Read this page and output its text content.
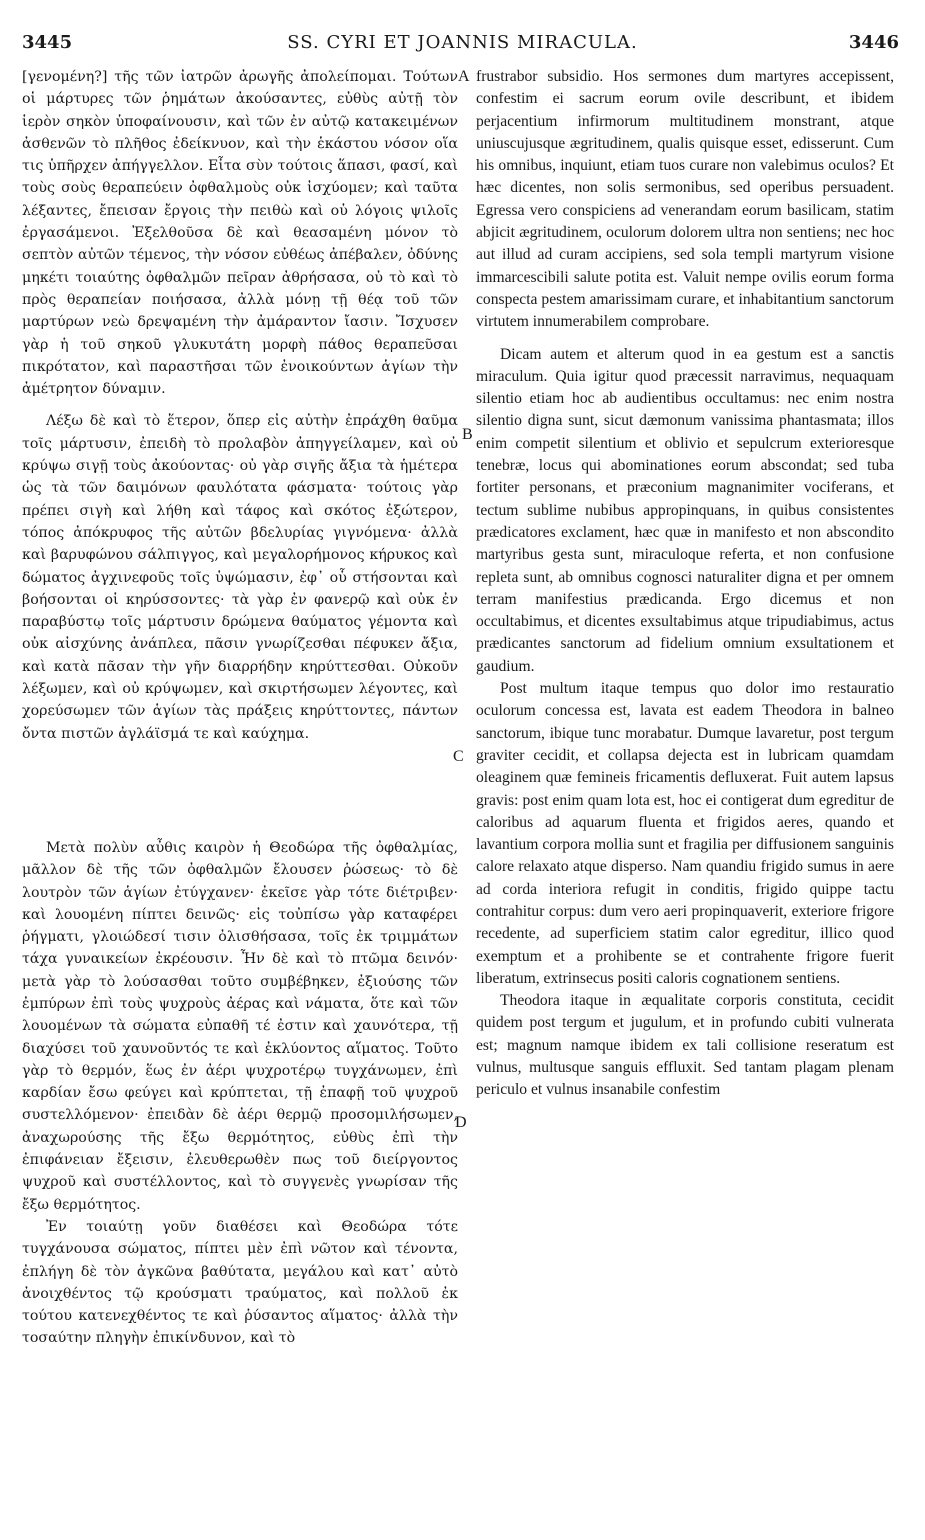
3445	SS. CYRI ET JOANNIS MIRACULA.	3446
A
B
C
D

[γενομένη?] τῆς τῶν ἰατρῶν ἀρωγῆς ἀπολείπομαι. Τούτων οἱ μάρτυρες τῶν ῥημάτων ἀκούσαντες, εὐθὺς αὐτῇ τὸν ἱερὸν σηκὸν ὑποφαίνουσιν, καὶ τῶν ἐν αὐτῷ κατακειμένων ἀσθενῶν τὸ πλῆθος ἐδείκνυον, καὶ τὴν ἑκάστου νόσον οἵα τις ὑπῆρχεν ἀπήγγελλον. Εἶτα σὺν τούτοις ἅπασι, φασί, καὶ τοὺς σοὺς θεραπεύειν ὀφθαλμοὺς οὐκ ἰσχύομεν; καὶ ταῦτα λέξαντες, ἔπεισαν ἔργοις τὴν πειθὼ καὶ οὐ λόγοις ψιλοῖς ἐργασάμενοι. Ἐξελθοῦσα δὲ καὶ θεασαμένη μόνον τὸ σεπτὸν αὐτῶν τέμενος, τὴν νόσον εὐθέως ἀπέβαλεν, ὀδύνης μηκέτι τοιαύτης ὀφθαλμῶν πεῖραν ἀθρήσασα, οὐ τὸ καὶ τὸ πρὸς θεραπείαν ποιήσασα, ἀλλὰ μόνῃ τῇ θέᾳ τοῦ τῶν μαρτύρων νεὼ δρεψαμένη τὴν ἀμάραντον ἴασιν. Ἴσχυσεν γὰρ ἡ τοῦ σηκοῦ γλυκυτάτη μορφὴ πάθος θεραπεῦσαι πικρότατον, καὶ παραστῆσαι τῶν ἐνοικούντων ἁγίων τὴν ἀμέτρητον δύναμιν.

Λέξω δὲ καὶ τὸ ἕτερον, ὅπερ εἰς αὐτὴν ἐπράχθη θαῦμα τοῖς μάρτυσιν, ἐπειδὴ τὸ προλαβὸν ἀπηγγείλαμεν, καὶ οὐ κρύψω σιγῇ τοὺς ἀκούοντας· οὐ γὰρ σιγῆς ἄξια τὰ ἡμέτερα ὡς τὰ τῶν δαιμόνων φαυλότατα φάσματα· τούτοις γὰρ πρέπει σιγὴ καὶ λήθη καὶ τάφος καὶ σκότος ἐξώτερον, τόπος ἀπόκρυφος τῆς αὐτῶν βδελυρίας γιγνόμενα· ἀλλὰ καὶ βαρυφώνου σάλπιγγος, καὶ μεγαλορήμονος κήρυκος καὶ δώματος ἀγχινεφοῦς τοῖς ὑψώμασιν, ἐφ᾽ οὗ στήσονται καὶ βοήσονται οἱ κηρύσσοντες· τὰ γὰρ ἐν φανερῷ καὶ οὐκ ἐν παραβύστῳ τοῖς μάρτυσιν δρώμενα θαύματος γέμοντα καὶ οὐκ αἰσχύνης ἀνάπλεα, πᾶσιν γνωρίζεσθαι πέφυκεν ἄξια, καὶ κατὰ πᾶσαν τὴν γῆν διαρρήδην κηρύττεσθαι. Οὐκοῦν λέξωμεν, καὶ οὐ κρύψωμεν, καὶ σκιρτήσωμεν λέγοντες, καὶ χορεύσωμεν τῶν ἁγίων τὰς πράξεις κηρύττοντες, πάντων ὄντα πιστῶν ἀγλάϊσμά τε καὶ καύχημα.

Μετὰ πολὺν αὖθις καιρὸν ἡ Θεοδώρα τῆς ὀφθαλμίας, μᾶλλον δὲ τῆς τῶν ὀφθαλμῶν ἔλουσεν ῥώσεως· τὸ δὲ λουτρὸν τῶν ἁγίων ἐτύγχανεν· ἐκεῖσε γὰρ τότε διέτριβεν· καὶ λουομένη πίπτει δεινῶς· εἰς τοὐπίσω γὰρ καταφέρει ῥήγματι, γλοιώδεσί τισιν ὀλισθήσασα, τοῖς ἐκ τριμμάτων τάχα γυναικείων ἐκρέουσιν. Ἦν δὲ καὶ τὸ πτῶμα δεινόν· μετὰ γὰρ τὸ λούσασθαι τοῦτο συμβέβηκεν, ἐξιούσης τῶν ἐμπύρων ἐπὶ τοὺς ψυχροὺς ἀέρας καὶ νάματα, ὅτε καὶ τῶν λουομένων τὰ σώματα εὐπαθῆ τέ ἐστιν καὶ χαυνότερα, τῇ διαχύσει τοῦ χαυνοῦντός τε καὶ ἐκλύοντος αἵματος. Τοῦτο γὰρ τὸ θερμόν, ἕως ἐν ἀέρι ψυχροτέρῳ τυγχάνωμεν, ἐπὶ καρδίαν ἔσω φεύγει καὶ κρύπτεται, τῇ ἐπαφῇ τοῦ ψυχροῦ συστελλόμενον· ἐπειδὰν δὲ ἀέρι θερμῷ προσομιλήσωμεν, ἀναχωρούσης τῆς ἔξω θερμότητος, εὐθὺς ἐπὶ τὴν ἐπιφάνειαν ἔξεισιν, ἐλευθερωθὲν πως τοῦ διείργοντος ψυχροῦ καὶ συστέλλοντος, καὶ τὸ συγγενὲς γνωρίσαν τῆς ἔξω θερμότητος.

Ἐν τοιαύτῃ γοῦν διαθέσει καὶ Θεοδώρα τότε τυγχάνουσα σώματος, πίπτει μὲν ἐπὶ νῶτον καὶ τένοντα, ἐπλήγη δὲ τὸν ἀγκῶνα βαθύτατα, μεγάλου καὶ κατ᾽ αὐτὸ ἀνοιχθέντος τῷ κρούσματι τραύματος, καὶ πολλοῦ ἐκ τούτου κατενεχθέντος τε καὶ ῥύσαντος αἵματος· ἀλλὰ τὴν τοσαύτην πληγὴν ἐπικίνδυνον, καὶ τὸ

frustrabor subsidio. Hos sermones dum martyres accepissent, confestim ei sacrum eorum ovile describunt, et ibidem perjacentium infirmorum multitudinem monstrant, atque uniuscujusque ægritudinem, qualis quisque esset, edisserunt. Cum his omnibus, inquiunt, etiam tuos curare non valebimus oculos? Et hæc dicentes, non solis sermonibus, sed operibus persuadent. Egressa vero conspiciens ad venerandam eorum basilicam, statim abjicit ægritudinem, oculorum dolorem ultra non sentiens; nec hoc aut illud ad curam accipiens, sed sola templi martyrum visione immarcescibili salute potita est. Valuit nempe ovilis eorum forma conspecta pestem amarissimam curare, et inhabitantium sanctorum virtutem innumerabilem comprobare.

Dicam autem et alterum quod in ea gestum est a sanctis miraculum. Quia igitur quod præcessit narravimus, nequaquam silentio etiam hoc ab audientibus occultamus: nec enim nostra silentio digna sunt, sicut dæmonum vanissima phantasmata; illos enim competit silentium et oblivio et sepulcrum exterioresque tenebræ, locus qui abominationes eorum abscondat; sed tuba fortiter personans, et præconium magnanimiter vociferans, et tectum sublime nubibus appropinquans, in quibus consistentes prædicatores exclament, hæc quæ in manifesto et non abscondito martyribus gesta sunt, miraculoque referta, et non confusione repleta sunt, ab omnibus cognosci naturaliter digna et per omnem terram manifestius prædicanda. Ergo dicemus et non occultabimus, et dicentes exsultabimus atque tripudiabimus, actus prædicantes sanctorum ad fidelium omnium exsultationem et gaudium.

Post multum itaque tempus quo dolor imo restauratio oculorum concessa est, lavata est eadem Theodora in balneo sanctorum, ibique tunc morabatur. Dumque lavaretur, post tergum graviter cecidit, et collapsa dejecta est in lubricam quamdam oleaginem quæ femineis fricamentis defluxerat. Fuit autem lapsus gravis: post enim quam lota est, hoc ei contigerat dum egreditur de caloribus ad aquarum fluenta et frigidos aeres, quando et lavantium corpora mollia sunt et fragilia per diffusionem sanguinis calore relaxato atque disperso. Nam quandiu frigido sumus in aere ad corda interiora refugit in conditis, frigido quippe tactu contrahitur corpus: dum vero aeri propinquaverit, exteriore frigore recedente, ad superficiem statim calor egreditur, illico quod exemptum et a prohibente se et contrahente frigore fuerit liberatum, extrinsecus positi caloris cognationem sentiens.

Theodora itaque in æqualitate corporis constituta, cecidit quidem post tergum et jugulum, et in profundo cubiti vulnerata est; magnum namque ibidem ex tali collisione reseratum est vulnus, multusque sanguis effluxit. Sed tantam plagam plenam periculo et vulnus insanabile confestim
